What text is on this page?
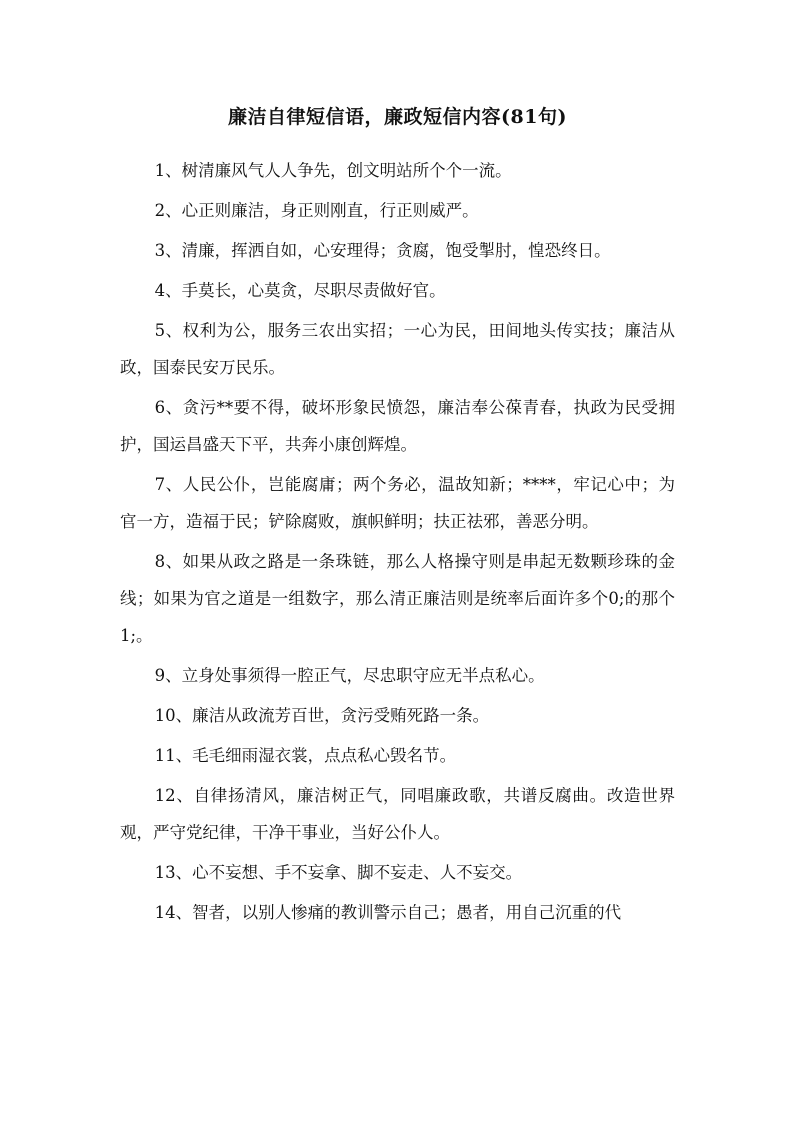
廉洁自律短信语，廉政短信内容(81句)

1、树清廉风气人人争先，创文明站所个个一流。

2、心正则廉洁，身正则刚直，行正则威严。

3、清廉，挥洒自如，心安理得；贪腐，饱受掣肘，惶恐终日。

4、手莫长，心莫贪，尽职尽责做好官。

5、权利为公，服务三农出实招；一心为民，田间地头传实技；廉洁从政，国泰民安万民乐。

6、贪污**要不得，破坏形象民愤怨，廉洁奉公葆青春，执政为民受拥护，国运昌盛天下平，共奔小康创辉煌。

7、人民公仆，岂能腐庸；两个务必，温故知新；****，牢记心中；为官一方，造福于民；铲除腐败，旗帜鲜明；扶正祛邪，善恶分明。

8、如果从政之路是一条珠链，那么人格操守则是串起无数颗珍珠的金线；如果为官之道是一组数字，那么清正廉洁则是统率后面许多个0;的那个1;。

9、立身处事须得一腔正气，尽忠职守应无半点私心。

10、廉洁从政流芳百世，贪污受贿死路一条。

11、毛毛细雨湿衣裳，点点私心毁名节。

12、自律扬清风，廉洁树正气，同唱廉政歌，共谱反腐曲。改造世界观，严守党纪律，干净干事业，当好公仆人。

13、心不妄想、手不妄拿、脚不妄走、人不妄交。

14、智者，以别人惨痛的教训警示自己；愚者，用自己沉重的代
